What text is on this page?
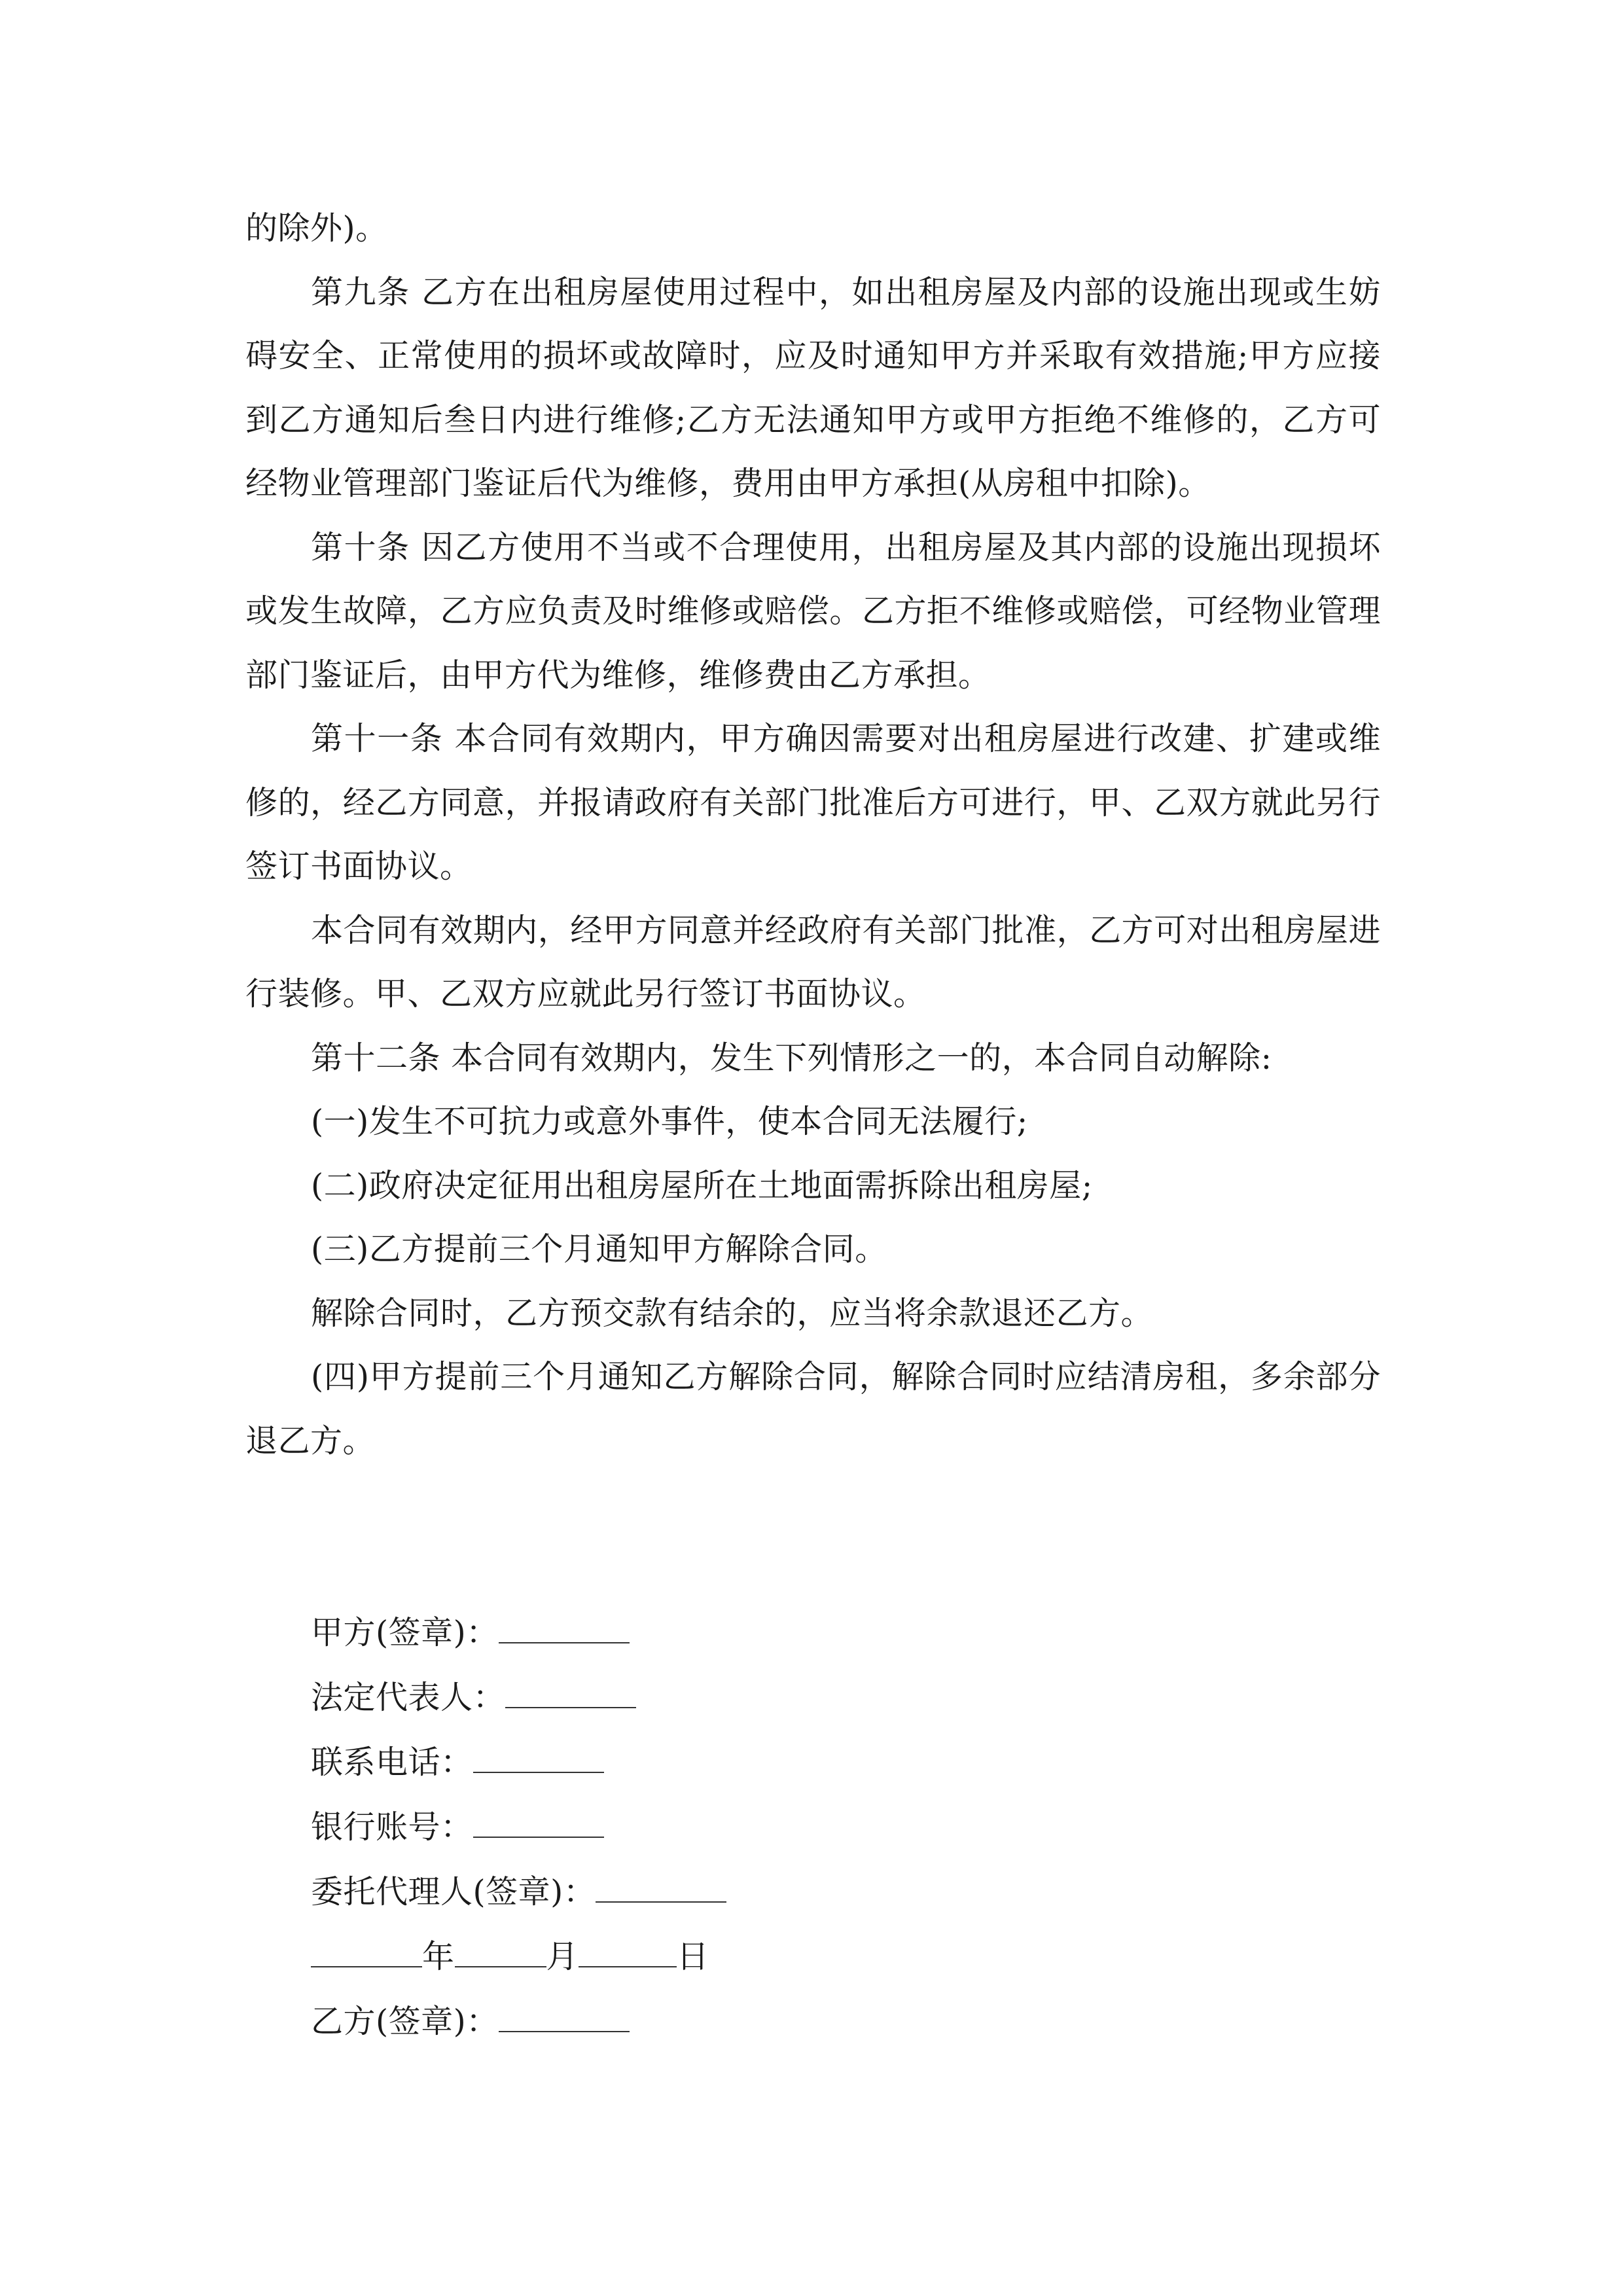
的除外)。

第九条 乙方在出租房屋使用过程中，如出租房屋及内部的设施出现或生妨碍安全、正常使用的损坏或故障时，应及时通知甲方并采取有效措施;甲方应接到乙方通知后叁日内进行维修;乙方无法通知甲方或甲方拒绝不维修的，乙方可经物业管理部门鉴证后代为维修，费用由甲方承担(从房租中扣除)。

第十条 因乙方使用不当或不合理使用，出租房屋及其内部的设施出现损坏或发生故障，乙方应负责及时维修或赔偿。乙方拒不维修或赔偿，可经物业管理部门鉴证后，由甲方代为维修，维修费由乙方承担。

第十一条 本合同有效期内，甲方确因需要对出租房屋进行改建、扩建或维修的，经乙方同意，并报请政府有关部门批准后方可进行，甲、乙双方就此另行签订书面协议。

本合同有效期内，经甲方同意并经政府有关部门批准，乙方可对出租房屋进行装修。甲、乙双方应就此另行签订书面协议。

第十二条 本合同有效期内，发生下列情形之一的，本合同自动解除:

(一)发生不可抗力或意外事件，使本合同无法履行;

(二)政府决定征用出租房屋所在土地面需拆除出租房屋;

(三)乙方提前三个月通知甲方解除合同。

解除合同时，乙方预交款有结余的，应当将余款退还乙方。

(四)甲方提前三个月通知乙方解除合同，解除合同时应结清房租，多余部分退乙方。

甲方(签章)：
法定代表人：
联系电话：
银行账号：
委托代理人(签章)：
年	月	日
乙方(签章)：
